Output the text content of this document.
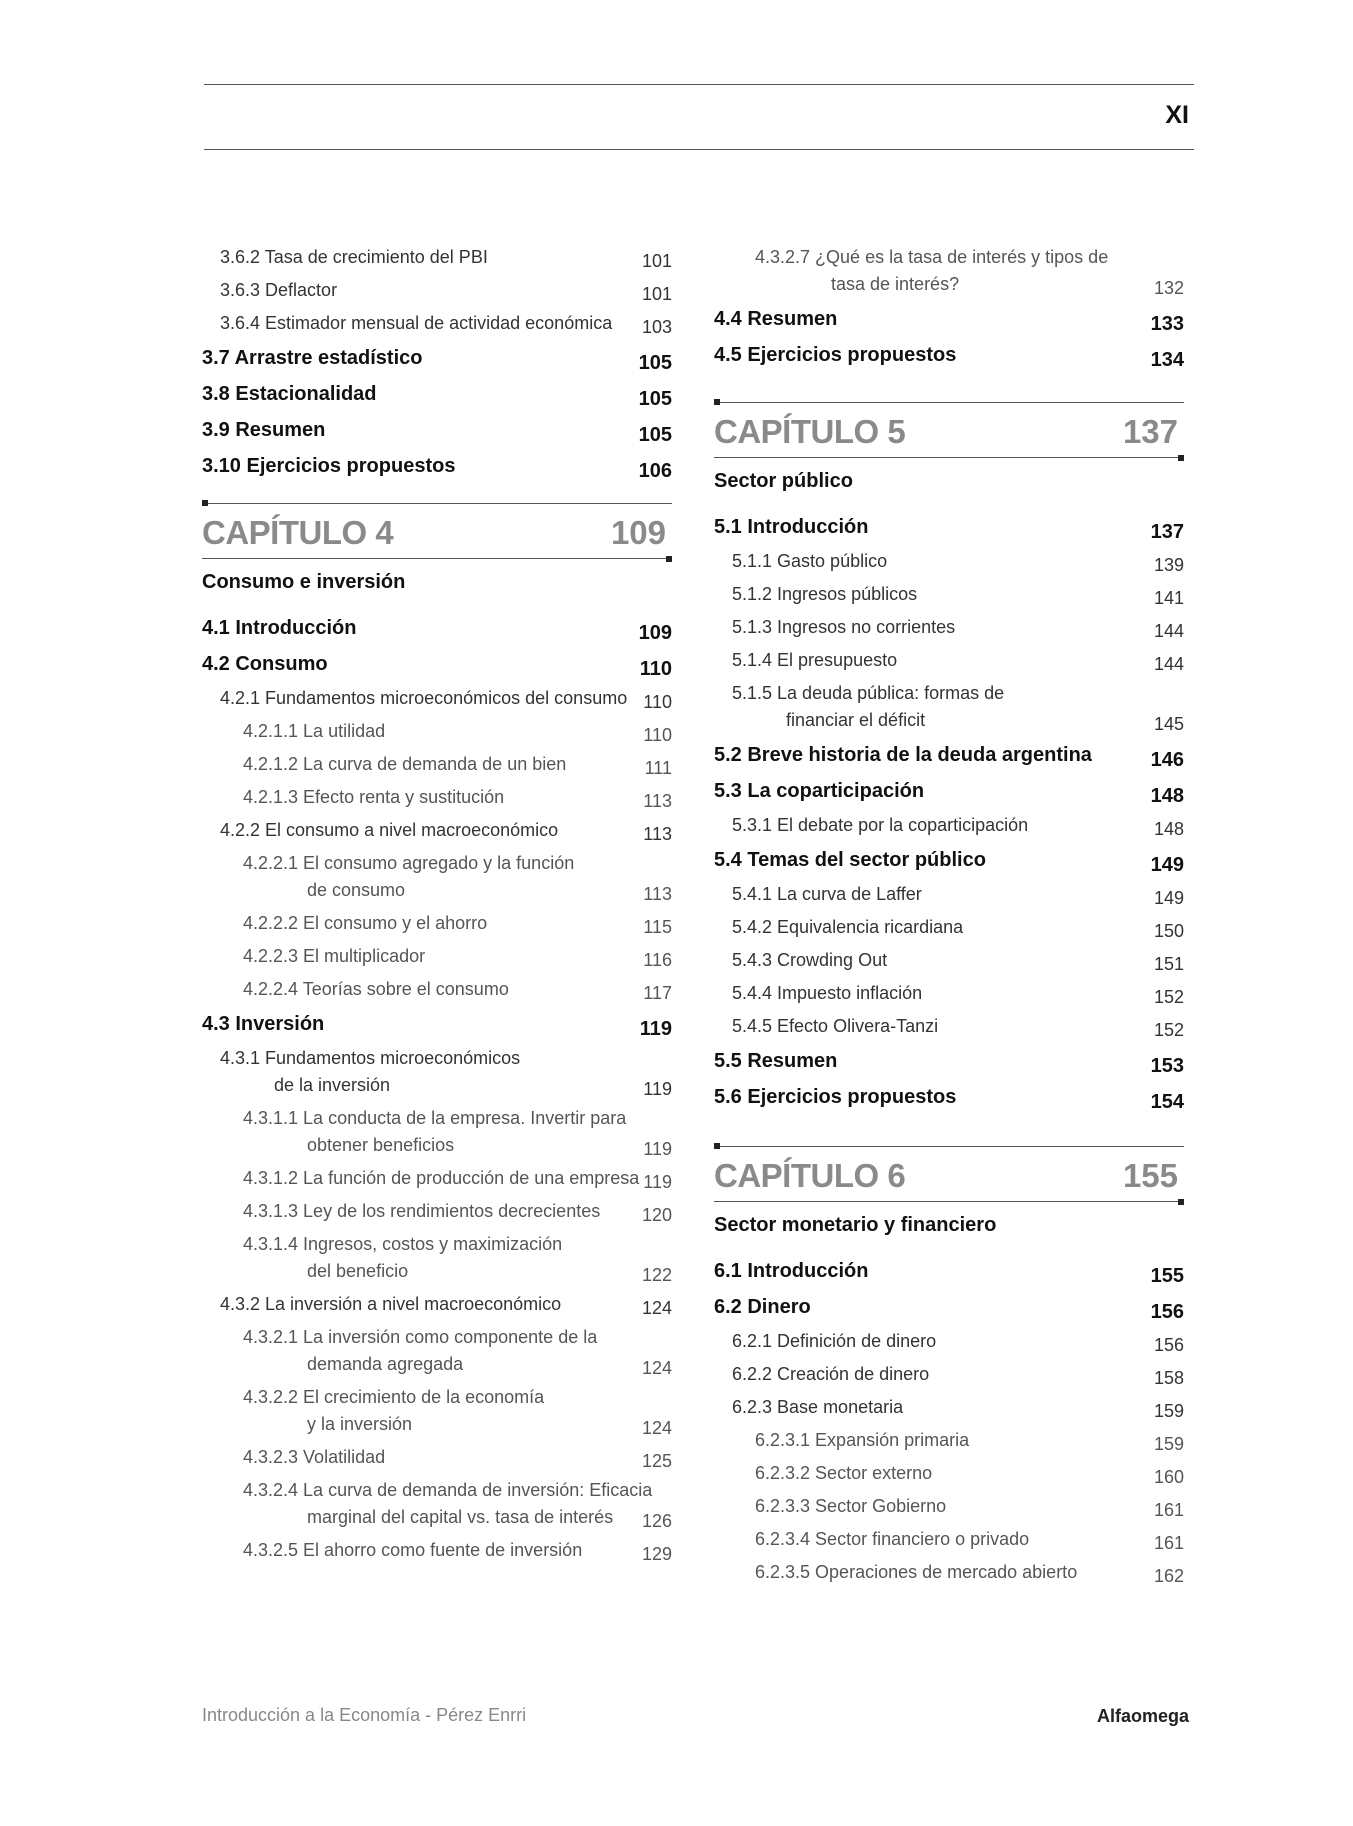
XI
3.6.2 Tasa de crecimiento del PBI	101
3.6.3 Deflactor	101
3.6.4 Estimador mensual de actividad económica	103
3.7 Arrastre estadístico	105
3.8 Estacionalidad	105
3.9 Resumen	105
3.10 Ejercicios propuestos	106
CAPÍTULO 4	109
Consumo e inversión
4.1 Introducción	109
4.2 Consumo	110
4.2.1 Fundamentos microeconómicos del consumo 110
4.2.1.1 La utilidad	110
4.2.1.2 La curva de demanda de un bien	111
4.2.1.3 Efecto renta y sustitución	113
4.2.2 El consumo a nivel macroeconómico	113
4.2.2.1 El consumo agregado y la función
de consumo	113
4.2.2.2 El consumo y el ahorro	115
4.2.2.3 El multiplicador	116
4.2.2.4 Teorías sobre el consumo	117
4.3 Inversión	119
4.3.1 Fundamentos microeconómicos
de la inversión	119
4.3.1.1 La conducta de la empresa. Invertir para
obtener beneficios	119
4.3.1.2 La función de producción de una empresa 119
4.3.1.3 Ley de los rendimientos decrecientes	120
4.3.1.4 Ingresos, costos y maximización
del beneficio	122
4.3.2 La inversión a nivel macroeconómico	124
4.3.2.1 La inversión como componente de la
demanda agregada	124
4.3.2.2 El crecimiento de la economía
y la inversión	124
4.3.2.3 Volatilidad	125
4.3.2.4 La curva de demanda de inversión: Eficacia
marginal del capital vs. tasa de interés	126
4.3.2.5 El ahorro como fuente de inversión	129
4.3.2.7 ¿Qué es la tasa de interés y tipos de
tasa de interés?	132
4.4 Resumen	133
4.5 Ejercicios propuestos	134
CAPÍTULO 5	137
Sector público
5.1 Introducción	137
5.1.1 Gasto público	139
5.1.2 Ingresos públicos	141
5.1.3 Ingresos no corrientes	144
5.1.4 El presupuesto	144
5.1.5 La deuda pública: formas de
financiar el déficit	145
5.2 Breve historia de la deuda argentina	146
5.3 La coparticipación	148
5.3.1 El debate por la coparticipación	148
5.4 Temas del sector público	149
5.4.1 La curva de Laffer	149
5.4.2 Equivalencia ricardiana	150
5.4.3 Crowding Out	151
5.4.4 Impuesto inflación	152
5.4.5 Efecto Olivera-Tanzi	152
5.5 Resumen	153
5.6 Ejercicios propuestos	154
CAPÍTULO 6	155
Sector monetario y financiero
6.1 Introducción	155
6.2 Dinero	156
6.2.1 Definición de dinero	156
6.2.2 Creación de dinero	158
6.2.3 Base monetaria	159
6.2.3.1 Expansión primaria	159
6.2.3.2 Sector externo	160
6.2.3.3 Sector Gobierno	161
6.2.3.4 Sector financiero o privado	161
6.2.3.5 Operaciones de mercado abierto	162
Introducción a la Economía - Pérez Enrri	Alfaomega
